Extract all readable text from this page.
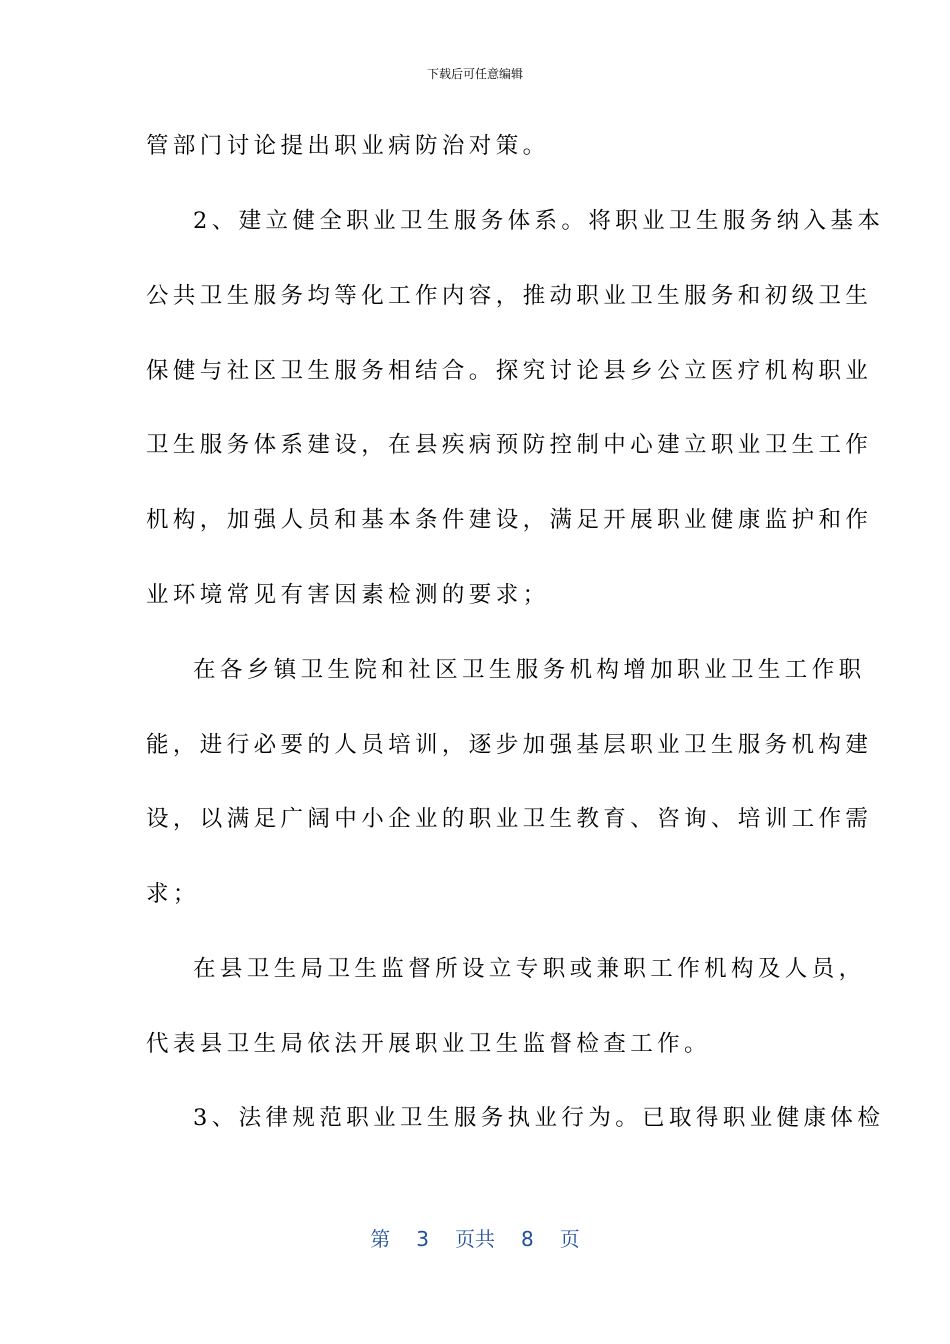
下载后可任意编辑
管部门讨论提出职业病防治对策。
2、建立健全职业卫生服务体系。将职业卫生服务纳入基本
公共卫生服务均等化工作内容，推动职业卫生服务和初级卫生
保健与社区卫生服务相结合。探究讨论县乡公立医疗机构职业
卫生服务体系建设，在县疾病预防控制中心建立职业卫生工作
机构，加强人员和基本条件建设，满足开展职业健康监护和作
业环境常见有害因素检测的要求；
在各乡镇卫生院和社区卫生服务机构增加职业卫生工作职
能，进行必要的人员培训，逐步加强基层职业卫生服务机构建
设，以满足广阔中小企业的职业卫生教育、咨询、培训工作需
求；
在县卫生局卫生监督所设立专职或兼职工作机构及人员，
代表县卫生局依法开展职业卫生监督检查工作。
3、法律规范职业卫生服务执业行为。已取得职业健康体检
第 3 页共 8 页
